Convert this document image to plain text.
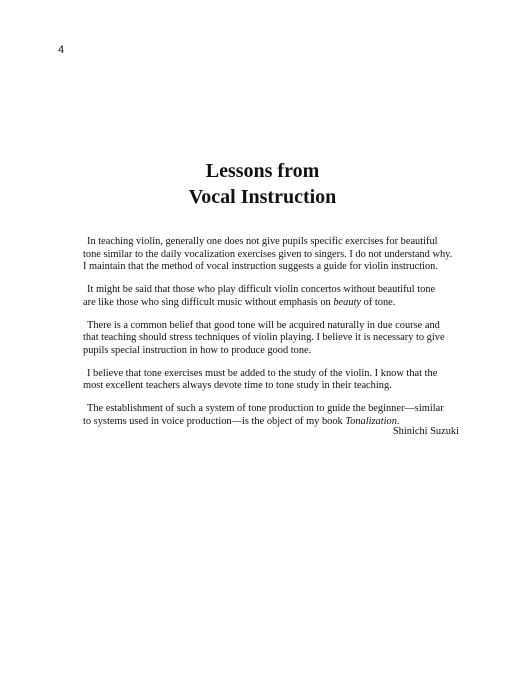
4
Lessons from
Vocal Instruction

In teaching violin, generally one does not give pupils specific exercises for beautiful
tone similar to the daily vocalization exercises given to singers. I do not understand why.
I maintain that the method of vocal instruction suggests a guide for violin instruction.

It might be said that those who play difficult violin concertos without beautiful tone
are like those who sing difficult music without emphasis on beauty of tone.

There is a common belief that good tone will be acquired naturally in due course and
that teaching should stress techniques of violin playing. I believe it is necessary to give
pupils special instruction in how to produce good tone.

I believe that tone exercises must be added to the study of the violin. I know that the
most excellent teachers always devote time to tone study in their teaching.

The establishment of such a system of tone production to guide the beginner—similar
to systems used in voice production—is the object of my book Tonalization.

Shinichi Suzuki
